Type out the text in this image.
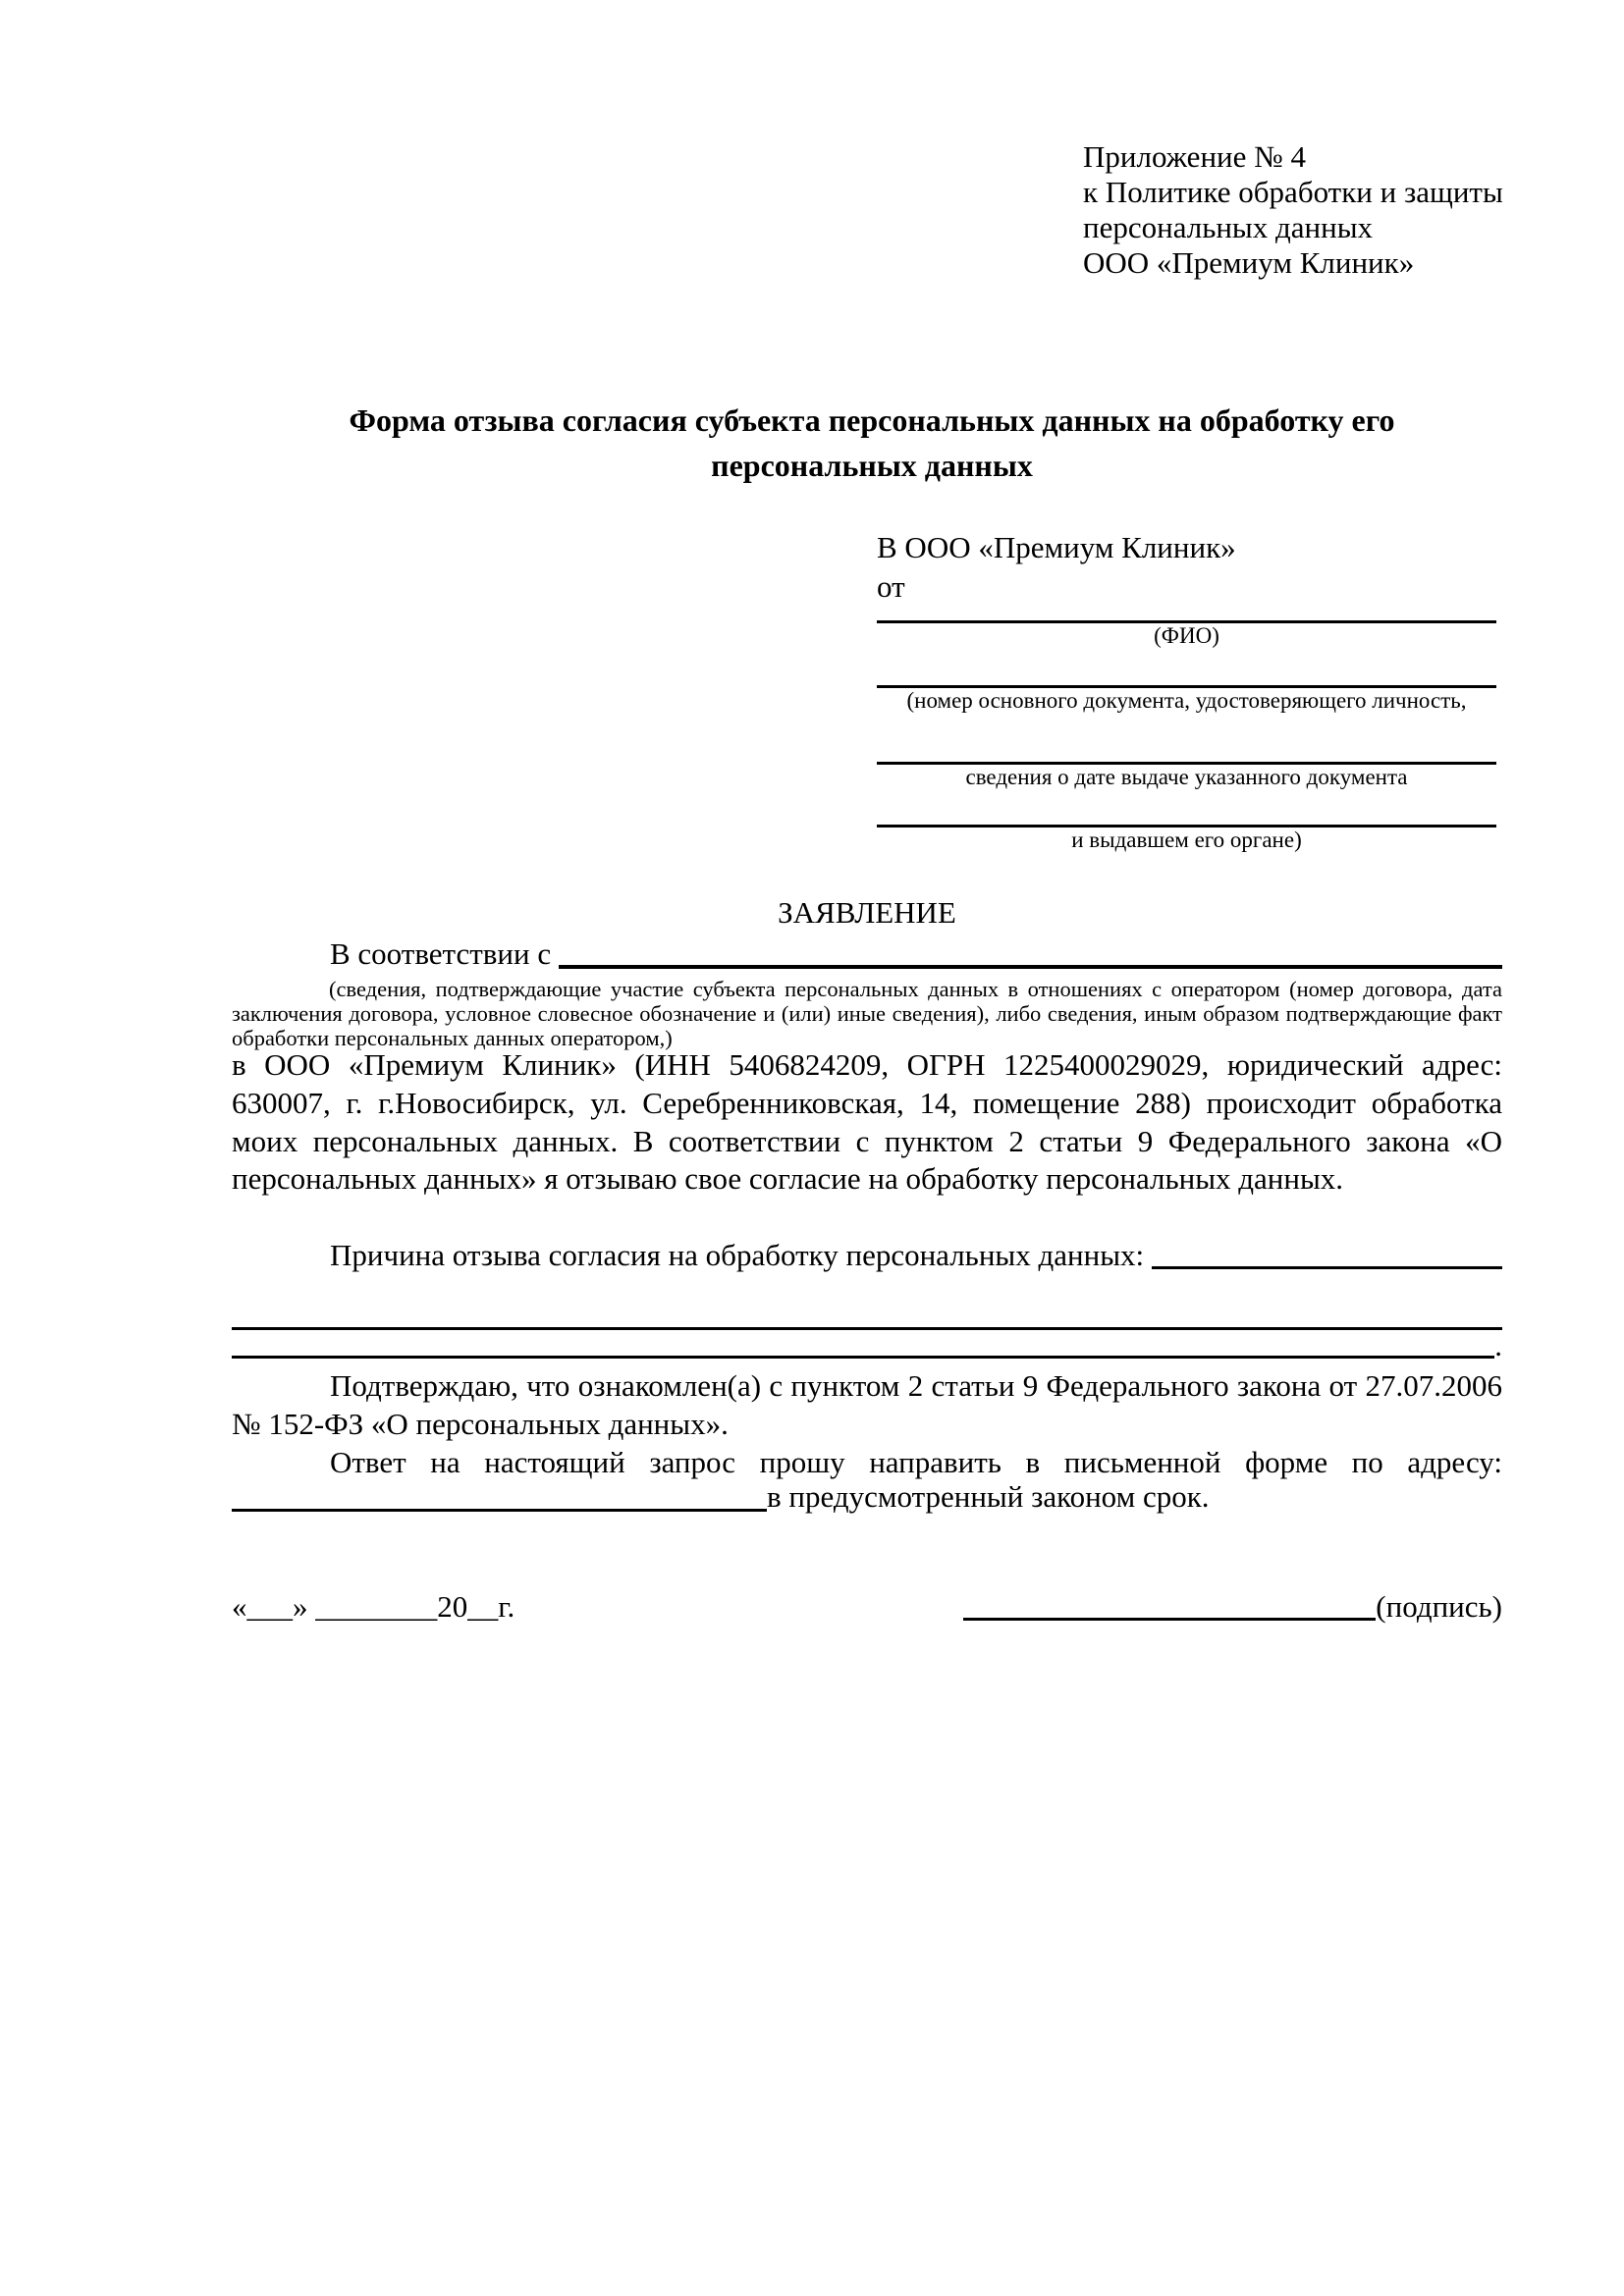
Приложение № 4
к Политике обработки и защиты
персональных данных
ООО «Премиум Клиник»
Форма отзыва согласия субъекта персональных данных на обработку его персональных данных
В ООО «Премиум Клиник»
от
(ФИО)
(номер основного документа, удостоверяющего личность,
сведения о дате выдаче указанного документа
и выдавшем его органе)
ЗАЯВЛЕНИЕ
В соответствии с
(сведения, подтверждающие участие субъекта персональных данных в отношениях с оператором (номер договора, дата заключения договора, условное словесное обозначение и (или) иные сведения), либо сведения, иным образом подтверждающие факт обработки персональных данных оператором,)
в ООО «Премиум Клиник» (ИНН 5406824209, ОГРН 1225400029029, юридический адрес: 630007, г. г.Новосибирск, ул. Серебренниковская, 14, помещение 288) происходит обработка моих персональных данных. В соответствии с пунктом 2 статьи 9 Федерального закона «О персональных данных» я отзываю свое согласие на обработку персональных данных.
Причина отзыва согласия на обработку персональных данных:
.
Подтверждаю, что ознакомлен(а) с пунктом 2 статьи 9 Федерального закона от 27.07.2006 № 152-ФЗ «О персональных данных».
Ответ на настоящий запрос прошу направить в письменной форме по адресу:
в предусмотренный законом срок.
«___» ________20__г.	(подпись)
